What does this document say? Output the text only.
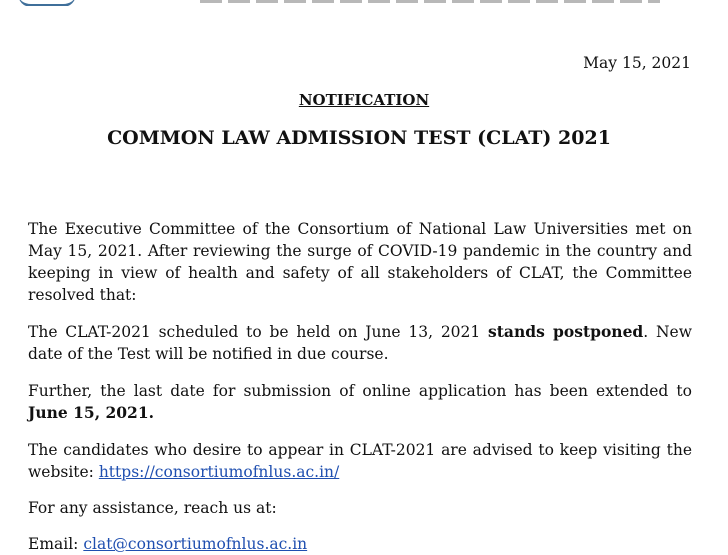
May 15, 2021
NOTIFICATION
COMMON LAW ADMISSION TEST (CLAT) 2021

The Executive Committee of the Consortium of National Law Universities met on May 15, 2021. After reviewing the surge of COVID-19 pandemic in the country and keeping in view of health and safety of all stakeholders of CLAT, the Committee resolved that:

The CLAT-2021 scheduled to be held on June 13, 2021 stands postponed. New date of the Test will be notified in due course.

Further, the last date for submission of online application has been extended to June 15, 2021.

The candidates who desire to appear in CLAT-2021 are advised to keep visiting the website: https://consortiumofnlus.ac.in/

For any assistance, reach us at:

Email: clat@consortiumofnlus.ac.in
